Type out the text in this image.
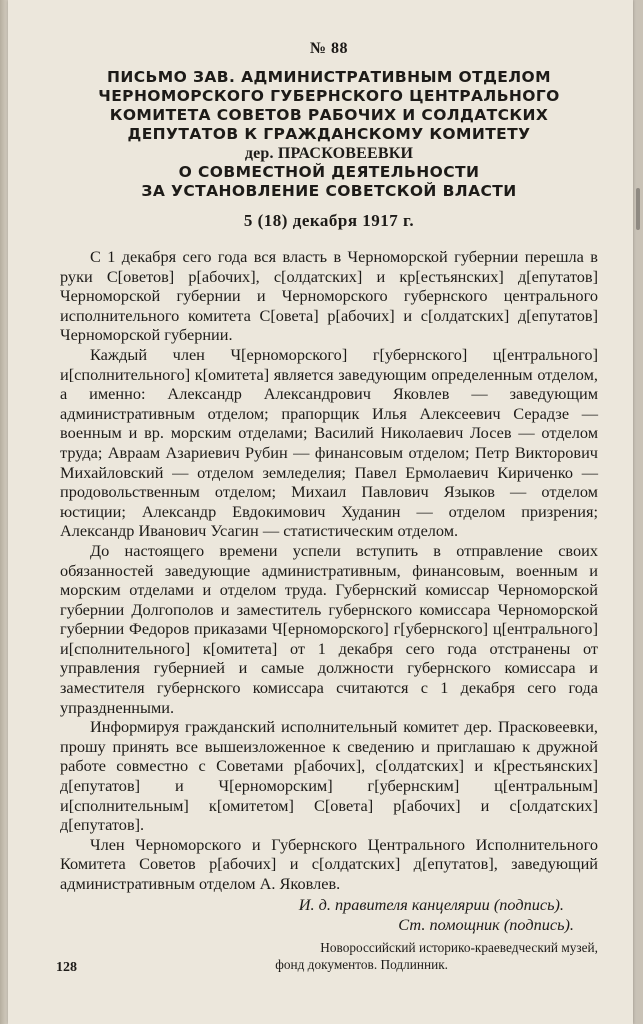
№ 88
ПИСЬМО ЗАВ. АДМИНИСТРАТИВНЫМ ОТДЕЛОМ
ЧЕРНОМОРСКОГО ГУБЕРНСКОГО ЦЕНТРАЛЬНОГО
КОМИТЕТА СОВЕТОВ РАБОЧИХ И СОЛДАТСКИХ
ДЕПУТАТОВ К ГРАЖДАНСКОМУ КОМИТЕТУ
дер. ПРАСКОВЕЕВКИ
О СОВМЕСТНОЙ ДЕЯТЕЛЬНОСТИ
ЗА УСТАНОВЛЕНИЕ СОВЕТСКОЙ ВЛАСТИ
5 (18) декабря 1917 г.

С 1 декабря сего года вся власть в Черноморской губернии перешла в руки С[оветов] р[абочих], с[олдатских] и кр[естьянских] д[епутатов] Черноморской губернии и Черноморского губернского центрального исполнительного комитета С[овета] р[абочих] и с[олдатских] д[епутатов] Черноморской губернии.

Каждый член Ч[ерноморского] г[убернского] ц[ентрального] и[сполнительного] к[омитета] является заведующим определенным отделом, а именно: Александр Александрович Яковлев — заведующим административным отделом; прапорщик Илья Алексеевич Серадзе — военным и вр. морским отделами; Василий Николаевич Лосев — отделом труда; Авраам Азариевич Рубин — финансовым отделом; Петр Викторович Михайловский — отделом земледелия; Павел Ермолаевич Кириченко — продовольственным отделом; Михаил Павлович Языков — отделом юстиции; Александр Евдокимович Худанин — отделом призрения; Александр Иванович Усагин — статистическим отделом.

До настоящего времени успели вступить в отправление своих обязанностей заведующие административным, финансовым, военным и морским отделами и отделом труда. Губернский комиссар Черноморской губернии Долгополов и заместитель губернского комиссара Черноморской губернии Федоров приказами Ч[ерноморского] г[убернского] ц[ентрального] и[сполнительного] к[омитета] от 1 декабря сего года отстранены от управления губернией и самые должности губернского комиссара и заместителя губернского комиссара считаются с 1 декабря сего года упраздненными.

Информируя гражданский исполнительный комитет дер. Прасковеевки, прошу принять все вышеизложенное к сведению и приглашаю к дружной работе совместно с Советами р[абочих], с[олдатских] и к[рестьянских] д[епутатов] и Ч[ерноморским] г[убернским] ц[ентральным] и[сполнительным] к[омитетом] С[овета] р[абочих] и с[олдатских] д[епутатов].

Член Черноморского и Губернского Центрального Исполнительного Комитета Советов р[абочих] и с[олдатских] д[епутатов], заведующий административным отделом А. Яковлев.

И. д. правителя канцелярии (подпись).
Ст. помощник (подпись).
Новороссийский историко-краеведческий музей,
фонд документов. Подлинник.
128
